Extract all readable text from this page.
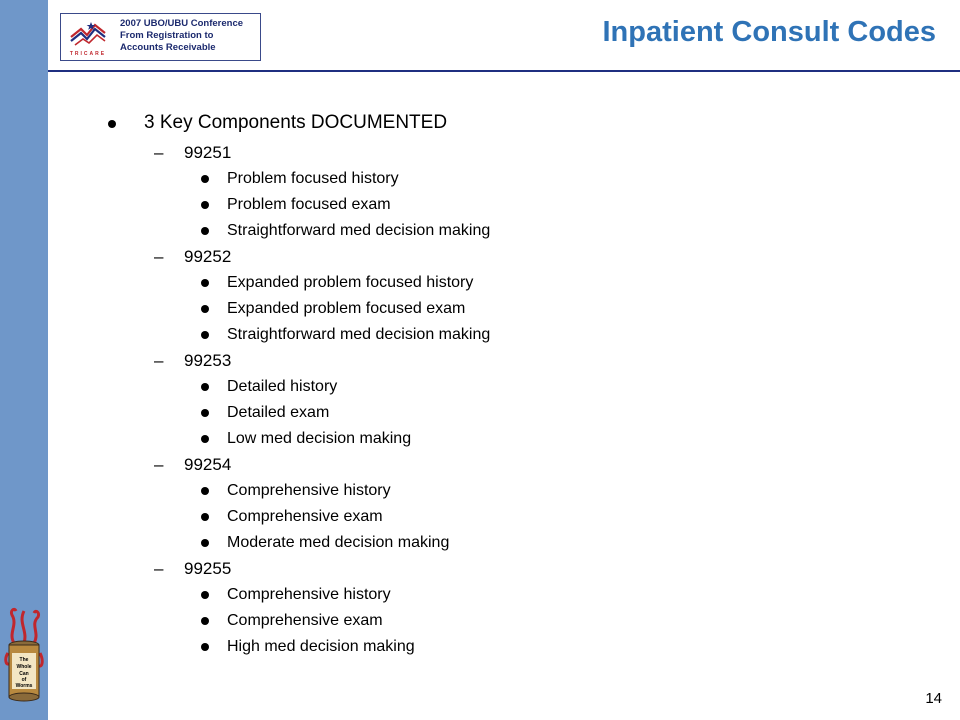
TRICARE
2007 UBO/UBU Conference
From Registration to
Accounts Receivable	Inpatient Consult Codes
3 Key Components DOCUMENTED
– 99251
Problem focused history
Problem focused exam
Straightforward med decision making
– 99252
Expanded problem focused history
Expanded problem focused exam
Straightforward med decision making
– 99253
Detailed history
Detailed exam
Low med decision making
– 99254
Comprehensive history
Comprehensive exam
Moderate med decision making
– 99255
Comprehensive history
Comprehensive exam
High med decision making
The
Whole
Can
of
Worms
14
